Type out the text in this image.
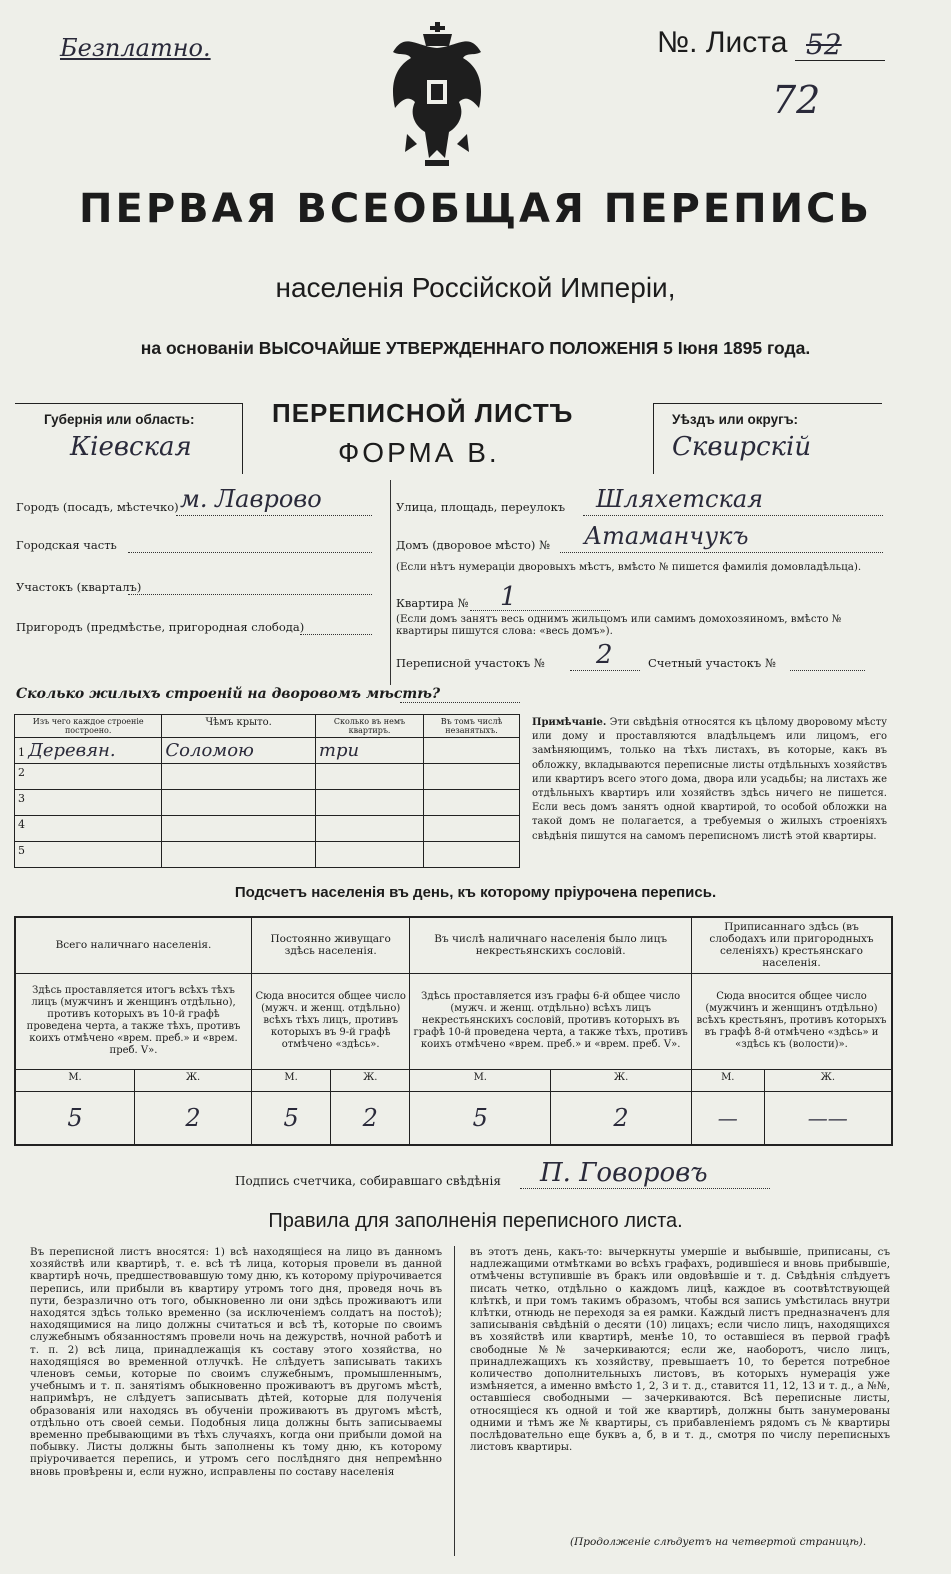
Безплатно.	№. Листа 52
72
ПЕРВАЯ ВСЕОБЩАЯ ПЕРЕПИСЬ
населенія Россійской Имперіи,
на основаніи ВЫСОЧАЙШЕ УТВЕРЖДЕННАГО ПОЛОЖЕНІЯ 5 Іюня 1895 года.
Губернія или область:
Кіевская
ПЕРЕПИСНОЙ ЛИСТЪ
ФОРМА В.
Уѣздъ или округъ:
Сквирскій
Городъ (посадъ, мѣстечко) м. Лаврово
Городская часть
Участокъ (кварталъ)
Пригородъ (предмѣстье, пригородная слобода)
Улица, площадь, переулокъ Шляхетская
Домъ (дворовое мѣсто) № Атаманчукъ
(Если нѣтъ нумераціи дворовыхъ мѣстъ, вмѣсто № пишется фамилія домовладѣльца).
Квартира № 1
(Если домъ занятъ весь однимъ жильцомъ или самимъ домохозяиномъ, вмѣсто № квартиры пишутся слова: «весь домъ»).
Переписной участокъ № 2	Счетный участокъ №
Сколько жилыхъ строеній на дворовомъ мѣстѣ?
Изъ чего каждое строеніе построено.	Чѣмъ крыто.	Сколько въ немъ квартиръ.	Въ томъ числѣ незанятыхъ.
1 Деревян.	Соломою	три	
2			
3			
4			
5			
Примѣчаніе. Эти свѣдѣнія относятся къ цѣлому дворовому мѣсту или дому и проставляются владѣльцемъ или лицомъ, его замѣняющимъ, только на тѣхъ листахъ, въ которые, какъ въ обложку, вкладываются переписные листы отдѣльныхъ хозяйствъ или квартиръ всего этого дома, двора или усадьбы; на листахъ же отдѣльныхъ квартиръ или хозяйствъ здѣсь ничего не пишется. Если весь домъ занятъ одной квартирой, то особой обложки на такой домъ не полагается, а требуемыя о жилыхъ строеніяхъ свѣдѣнія пишутся на самомъ переписномъ листѣ этой квартиры.
Подсчетъ населенія въ день, къ которому пріурочена перепись.
Всего наличнаго населенія.		Постоянно живущаго здѣсь населенія.		Въ числѣ наличнаго населенія было лицъ некрестьянскихъ сословій.		Приписаннаго здѣсь (въ слободахъ или пригородныхъ селеніяхъ) крестьянскаго населенія.	
Здѣсь проставляется итогъ всѣхъ тѣхъ лицъ (мужчинъ и женщинъ отдѣльно), противъ которыхъ въ 10-й графѣ проведена черта, а также тѣхъ, противъ коихъ отмѣчено «врем. преб.» и «врем. преб. V».		Сюда вносится общее число (мужч. и женщ. отдѣльно) всѣхъ тѣхъ лицъ, противъ которыхъ въ 9-й графѣ отмѣчено «здѣсь».		Здѣсь проставляется изъ графы 6-й общее число (мужч. и женщ. отдѣльно) всѣхъ лицъ некрестьянскихъ сословій, противъ которыхъ въ графѣ 10-й проведена черта, а также тѣхъ, противъ коихъ отмѣчено «врем. преб.» и «врем. преб. V».		Сюда вносится общее число (мужчинъ и женщинъ отдѣльно) всѣхъ крестьянъ, противъ которыхъ въ графѣ 8-й отмѣчено «здѣсь» и «здѣсь къ (волости)».	
М.	Ж.	М.	Ж.	М.	Ж.	М.	Ж.
5	2	5	2	5	2	—	——
Подпись счетчика, собиравшаго свѣдѣнія П. Говоровъ
Правила для заполненія переписного листа.
Въ переписной листъ вносятся: 1) всѣ находящіеся на лицо въ данномъ хозяйствѣ или квартирѣ, т. е. всѣ тѣ лица, которыя провели въ данной квартирѣ ночь, предшествовавшую тому дню, къ которому пріурочивается перепись, или прибыли въ квартиру утромъ того дня, проведя ночь въ пути, безразлично отъ того, обыкновенно ли они здѣсь проживаютъ или находятся здѣсь только временно (за исключеніемъ солдатъ на постоѣ); находящимися на лицо должны считаться и всѣ тѣ, которые по своимъ служебнымъ обязанностямъ провели ночь на дежурствѣ, ночной работѣ и т. п. 2) всѣ лица, принадлежащія къ составу этого хозяйства, но находящіяся во временной отлучкѣ. Не слѣдуетъ записывать такихъ членовъ семьи, которые по своимъ служебнымъ, промышленнымъ, учебнымъ и т. п. занятіямъ обыкновенно проживаютъ въ другомъ мѣстѣ, напримѣръ, не слѣдуетъ записывать дѣтей, которые для полученія образованія или находясь въ обученіи проживаютъ въ другомъ мѣстѣ, отдѣльно отъ своей семьи. Подобныя лица должны быть записываемы временно пребывающими въ тѣхъ случаяхъ, когда они прибыли домой на побывку. Листы должны быть заполнены къ тому дню, къ которому пріурочивается перепись, и утромъ сего послѣдняго дня непремѣнно вновь провѣрены и, если нужно, исправлены по составу населенія
въ этотъ день, какъ-то: вычеркнуты умершіе и выбывшіе, приписаны, съ надлежащими отмѣтками во всѣхъ графахъ, родившіеся и вновь прибывшіе, отмѣчены вступившіе въ бракъ или овдовѣвшіе и т. д. Свѣдѣнія слѣдуетъ писать четко, отдѣльно о каждомъ лицѣ, каждое въ соотвѣтствующей клѣткѣ, и при томъ такимъ образомъ, чтобы вся запись умѣстилась внутри клѣтки, отнюдь не переходя за ея рамки. Каждый листъ предназначенъ для записыванія свѣдѣній о десяти (10) лицахъ; если число лицъ, находящихся въ хозяйствѣ или квартирѣ, менѣе 10, то оставшіеся въ первой графѣ свободные №№ зачеркиваются; если же, наоборотъ, число лицъ, принадлежащихъ къ хозяйству, превышаетъ 10, то берется потребное количество дополнительныхъ листовъ, въ которыхъ нумерація уже измѣняется, а именно вмѣсто 1, 2, 3 и т. д., ставится 11, 12, 13 и т. д., а №№, оставшіеся свободными — зачеркиваются. Всѣ переписные листы, относящіеся къ одной и той же квартирѣ, должны быть занумерованы одними и тѣмъ же № квартиры, съ прибавленіемъ рядомъ съ № квартиры послѣдовательно еще буквъ а, б, в и т. д., смотря по числу переписныхъ листовъ квартиры.
(Продолженіе слѣдуетъ на четвертой страницѣ).
